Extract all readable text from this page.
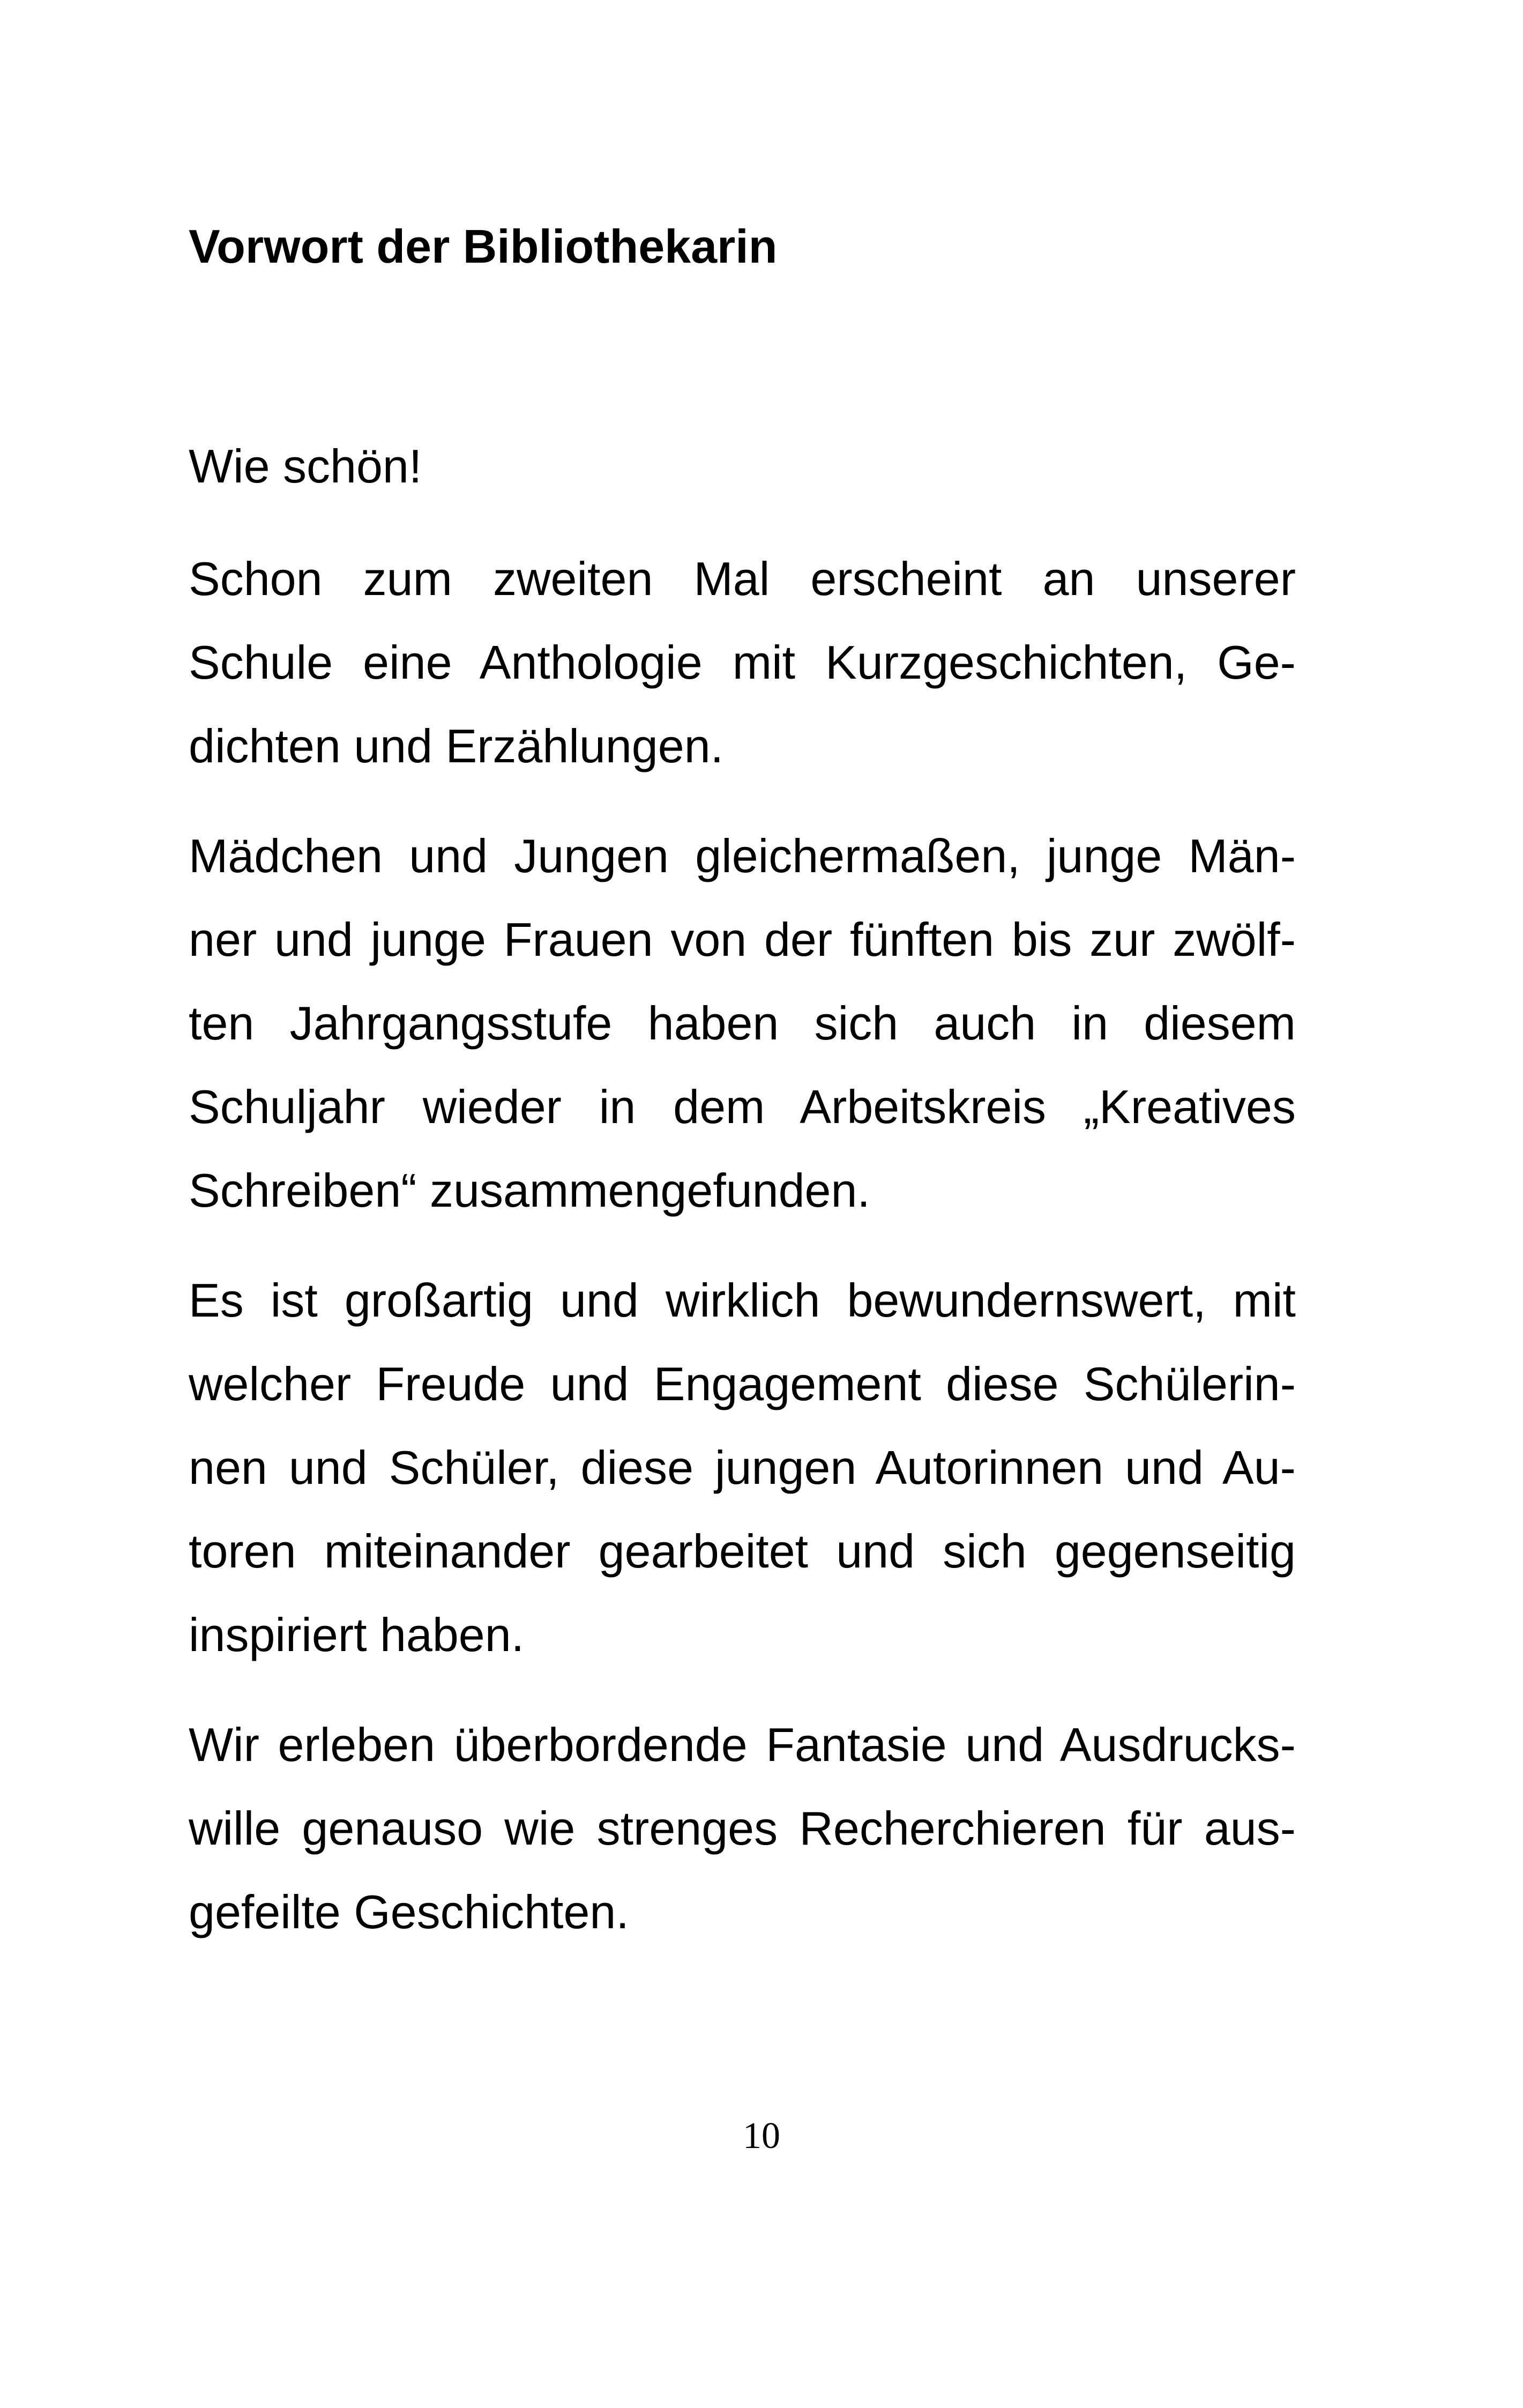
Vorwort der Bibliothekarin

Wie schön!

Schon zum zweiten Mal erscheint an unserer
Schule eine Anthologie mit Kurzgeschichten, Ge-
dichten und Erzählungen.
Mädchen und Jungen gleichermaßen, junge Män-
ner und junge Frauen von der fünften bis zur zwölf-
ten Jahrgangsstufe haben sich auch in diesem
Schuljahr wieder in dem Arbeitskreis „Kreatives
Schreiben“ zusammengefunden.
Es ist großartig und wirklich bewundernswert, mit
welcher Freude und Engagement diese Schülerin-
nen und Schüler, diese jungen Autorinnen und Au-
toren miteinander gearbeitet und sich gegenseitig
inspiriert haben.
Wir erleben überbordende Fantasie und Ausdrucks-
wille genauso wie strenges Recherchieren für aus-
gefeilte Geschichten.
10
